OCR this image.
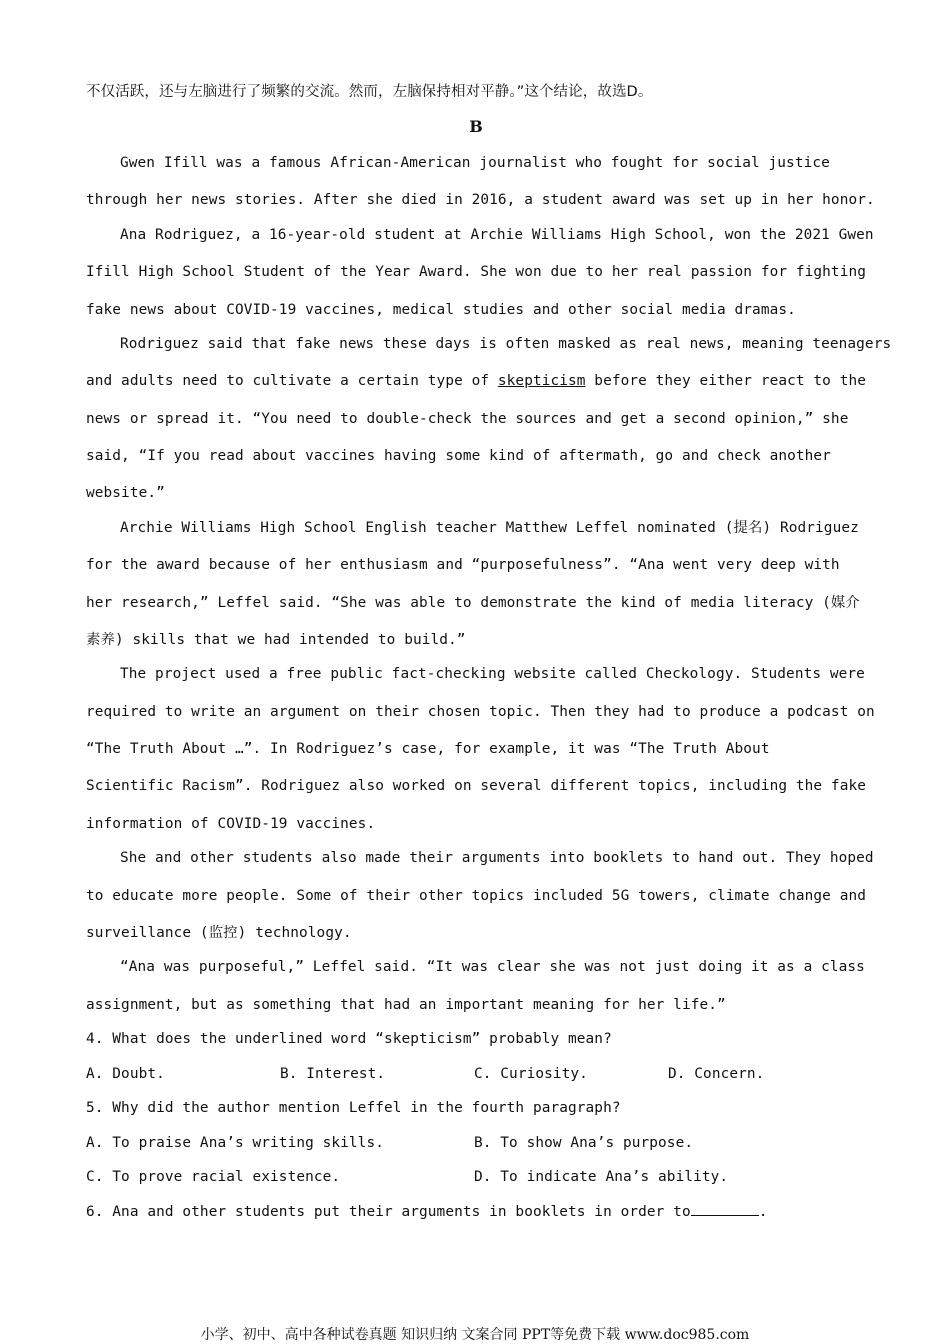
不仅活跃，还与左脑进行了频繁的交流。然而，左脑保持相对平静。”这个结论，故选D。
B
Gwen Ifill was a famous African-American journalist who fought for social justice
through her news stories. After she died in 2016, a student award was set up in her honor.
Ana Rodriguez, a 16-year-old student at Archie Williams High School, won the 2021 Gwen
Ifill High School Student of the Year Award. She won due to her real passion for fighting
fake news about COVID-19 vaccines, medical studies and other social media dramas.
Rodriguez said that fake news these days is often masked as real news, meaning teenagers
and adults need to cultivate a certain type of skepticism before they either react to the
news or spread it. “You need to double-check the sources and get a second opinion,” she
said, “If you read about vaccines having some kind of aftermath, go and check another
website.”
Archie Williams High School English teacher Matthew Leffel nominated (提名) Rodriguez
for the award because of her enthusiasm and “purposefulness”. “Ana went very deep with
her research,” Leffel said. “She was able to demonstrate the kind of media literacy (媒介
素养) skills that we had intended to build.”
The project used a free public fact-checking website called Checkology. Students were
required to write an argument on their chosen topic. Then they had to produce a podcast on
“The Truth About …”. In Rodriguez’s case, for example, it was “The Truth About
Scientific Racism”. Rodriguez also worked on several different topics, including the fake
information of COVID-19 vaccines.
She and other students also made their arguments into booklets to hand out. They hoped
to educate more people. Some of their other topics included 5G towers, climate change and
surveillance (监控) technology.
“Ana was purposeful,” Leffel said. “It was clear she was not just doing it as a class
assignment, but as something that had an important meaning for her life.”
4. What does the underlined word “skepticism” probably mean?
A. Doubt.	B. Interest.	C. Curiosity.	D. Concern.
5. Why did the author mention Leffel in the fourth paragraph?
A. To praise Ana’s writing skills.	B. To show Ana’s purpose.
C. To prove racial existence.	D. To indicate Ana’s ability.
6. Ana and other students put their arguments in booklets in order to	.
小学、初中、高中各种试卷真题 知识归纳 文案合同 PPT等免费下载 www.doc985.com
